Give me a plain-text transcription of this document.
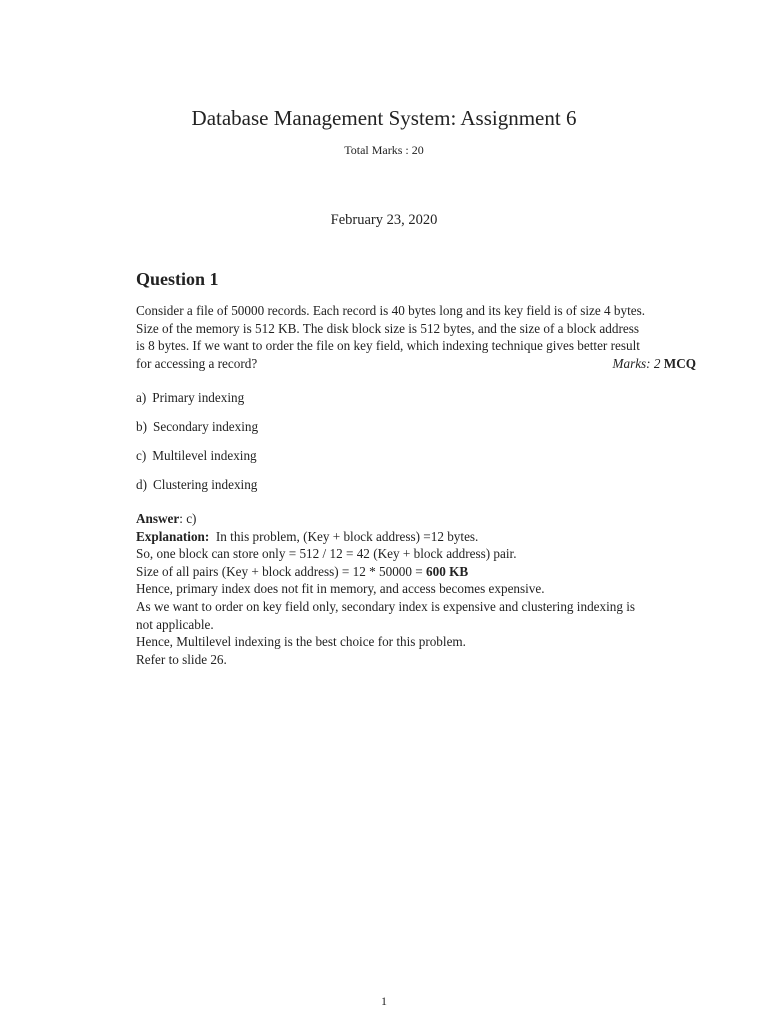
Database Management System: Assignment 6
Total Marks : 20
February 23, 2020
Question 1
Consider a file of 50000 records. Each record is 40 bytes long and its key field is of size 4 bytes.
Size of the memory is 512 KB. The disk block size is 512 bytes, and the size of a block address
is 8 bytes. If we want to order the file on key field, which indexing technique gives better result
for accessing a record?	Marks: 2 MCQ
a) Primary indexing
b) Secondary indexing
c) Multilevel indexing
d) Clustering indexing
Answer: c)
Explanation: In this problem, (Key + block address) =12 bytes.
So, one block can store only = 512 / 12 = 42 (Key + block address) pair.
Size of all pairs (Key + block address) = 12 * 50000 = 600 KB
Hence, primary index does not fit in memory, and access becomes expensive.
As we want to order on key field only, secondary index is expensive and clustering indexing is
not applicable.
Hence, Multilevel indexing is the best choice for this problem.
Refer to slide 26.
1
